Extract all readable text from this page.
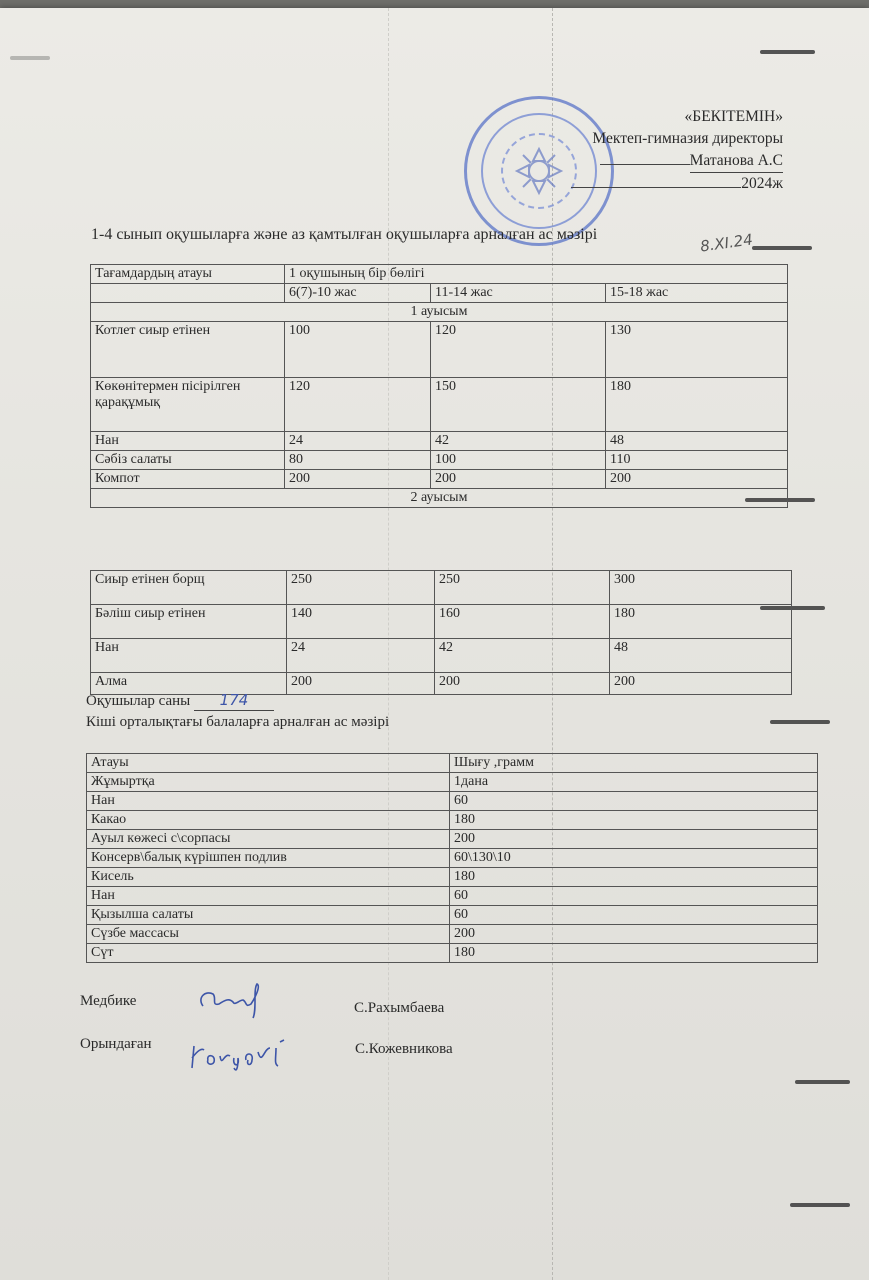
«БЕКІТЕМІН»
Мектеп-гимназия директоры
Матанова А.С
2024ж
1-4 сынып оқушыларға және аз қамтылған оқушыларға арналған ас мәзірі	8.XI.24
Тағамдардың атауы	1 оқушының бір бөлігі		
	6(7)-10 жас	11-14 жас	15-18 жас
1 ауысым			
Котлет сиыр етінен	100	120	130
Көкөнітермен пісірілген қарақұмық	120	150	180
Нан	24	42	48
Сәбіз салаты	80	100	110
Компот	200	200	200
2 ауысым			
Сиыр етінен борщ	250	250	300
Бәліш сиыр етінен	140	160	180
Нан	24	42	48
Алма	200	200	200
Оқушылар саны 174
Кіші орталықтағы балаларға арналған ас мәзірі
Атауы	Шығу ,грамм
Жұмыртқа	1дана
Нан	60
Какао	180
Ауыл көжесі с\сорпасы	200
Консерв\балық күрішпен подлив	60\130\10
Кисель	180
Нан	60
Қызылша салаты	60
Сүзбе массасы	200
Сүт	180
Медбике	С.Рахымбаева
Орындаған	С.Кожевникова
